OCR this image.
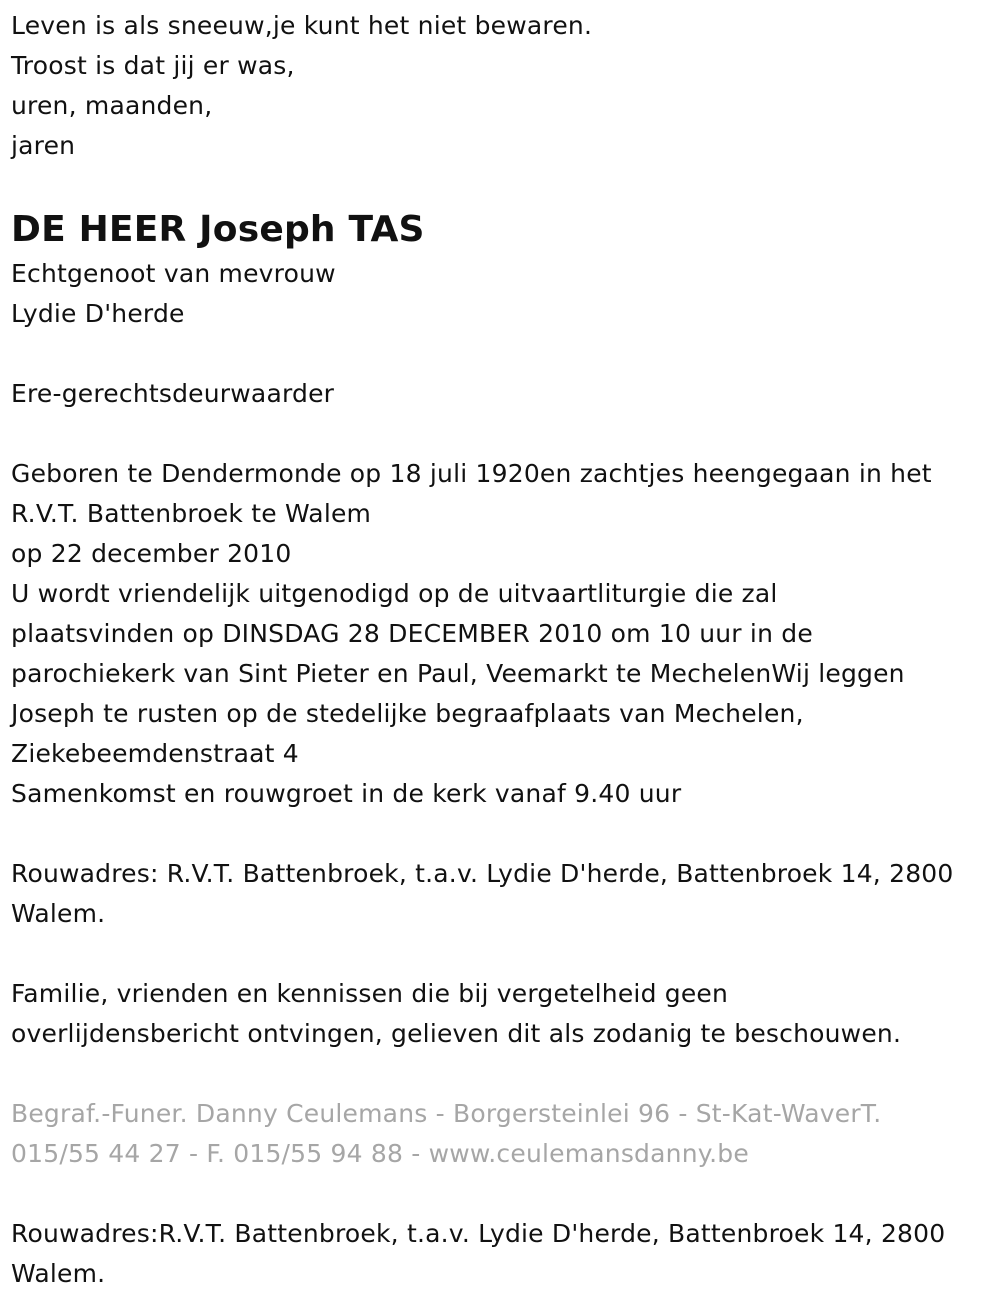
Leven is als sneeuw,je kunt het niet bewaren.
Troost is dat jij er was,
uren, maanden,
jaren
DE HEER Joseph TAS
Echtgenoot van mevrouw
Lydie D'herde
Ere-gerechtsdeurwaarder
Geboren te Dendermonde op 18 juli 1920en zachtjes heengegaan in het
R.V.T. Battenbroek te Walem
op 22 december 2010
U wordt vriendelijk uitgenodigd op de uitvaartliturgie die zal
plaatsvinden op DINSDAG 28 DECEMBER 2010 om 10 uur in de
parochiekerk van Sint Pieter en Paul, Veemarkt te MechelenWij leggen
Joseph te rusten op de stedelijke begraafplaats van Mechelen,
Ziekebeemdenstraat 4
Samenkomst en rouwgroet in de kerk vanaf 9.40 uur
Rouwadres: R.V.T. Battenbroek, t.a.v. Lydie D'herde, Battenbroek 14, 2800
Walem.
Familie, vrienden en kennissen die bij vergetelheid geen
overlijdensbericht ontvingen, gelieven dit als zodanig te beschouwen.
Begraf.-Funer. Danny Ceulemans - Borgersteinlei 96 - St-Kat-WaverT.
015/55 44 27 - F. 015/55 94 88 - www.ceulemansdanny.be
Rouwadres:R.V.T. Battenbroek, t.a.v. Lydie D'herde, Battenbroek 14, 2800
Walem.
